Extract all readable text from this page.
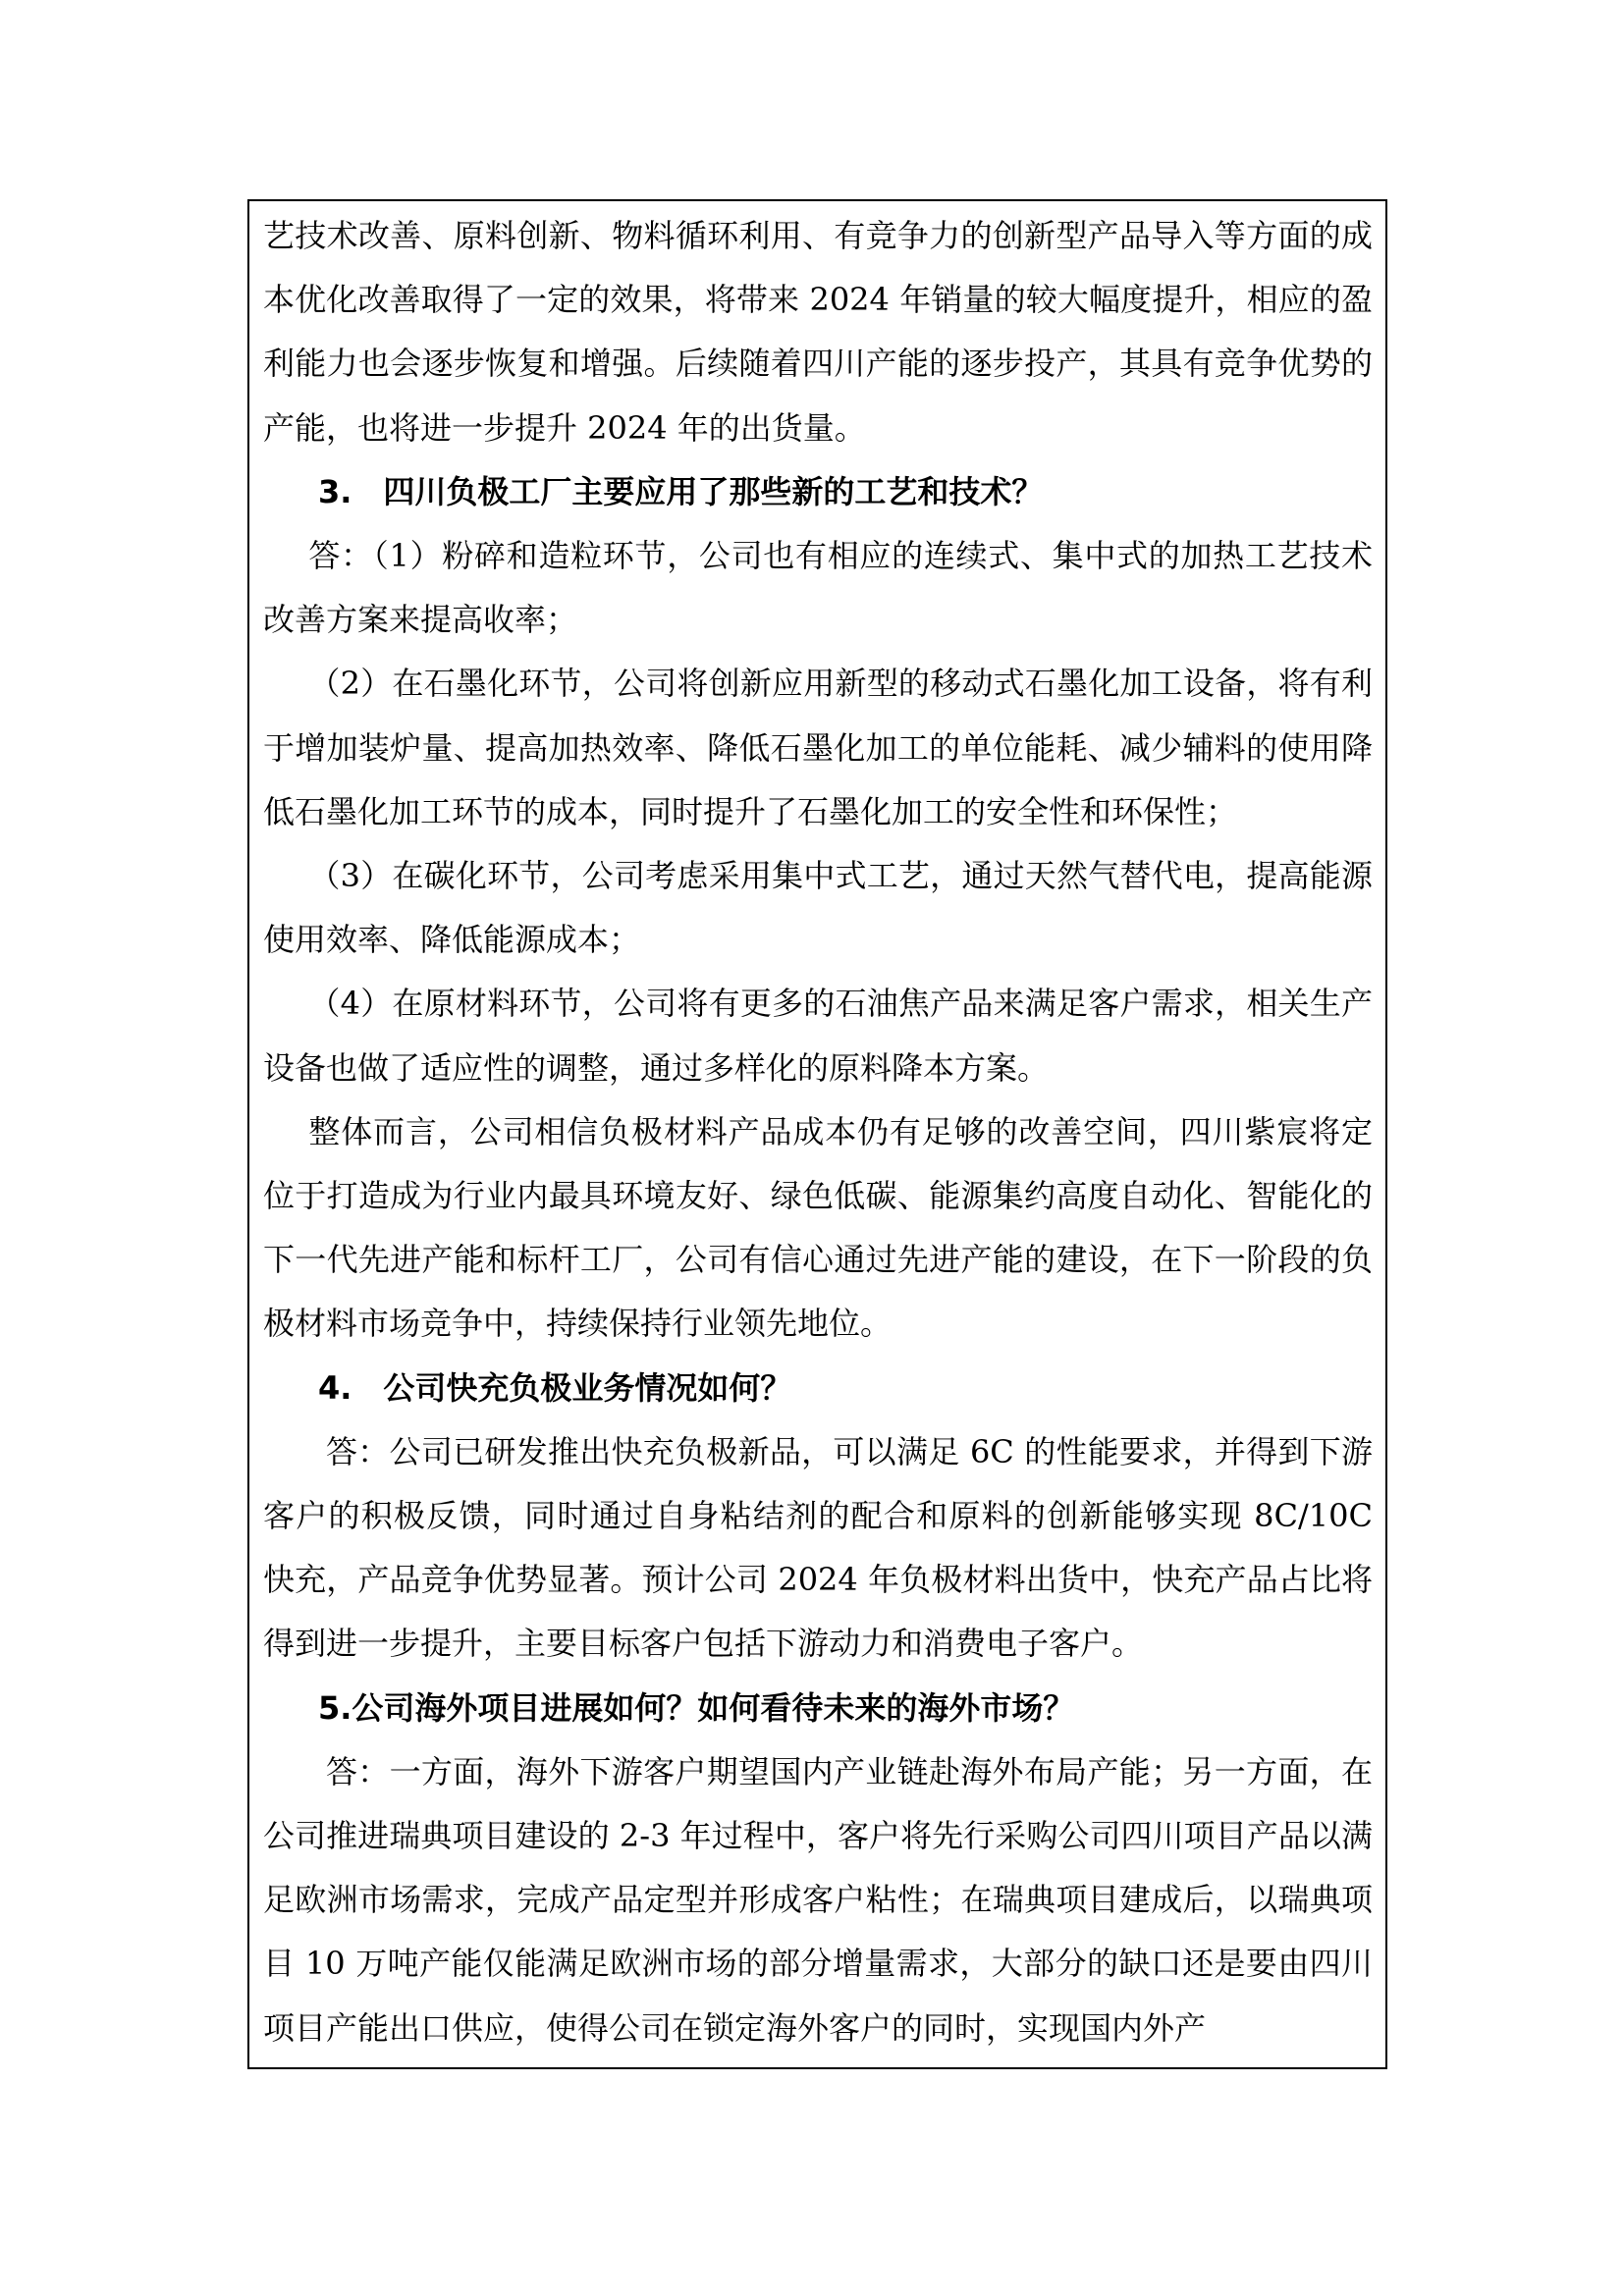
艺技术改善、原料创新、物料循环利用、有竞争力的创新型产品导入等方面的成本优化改善取得了一定的效果，将带来 2024 年销量的较大幅度提升，相应的盈利能力也会逐步恢复和增强。后续随着四川产能的逐步投产，其具有竞争优势的产能，也将进一步提升 2024 年的出货量。

3.　四川负极工厂主要应用了那些新的工艺和技术？

答：（1）粉碎和造粒环节，公司也有相应的连续式、集中式的加热工艺技术改善方案来提高收率；

（2）在石墨化环节，公司将创新应用新型的移动式石墨化加工设备，将有利于增加装炉量、提高加热效率、降低石墨化加工的单位能耗、减少辅料的使用降低石墨化加工环节的成本，同时提升了石墨化加工的安全性和环保性；

（3）在碳化环节，公司考虑采用集中式工艺，通过天然气替代电，提高能源使用效率、降低能源成本；

（4）在原材料环节，公司将有更多的石油焦产品来满足客户需求，相关生产设备也做了适应性的调整，通过多样化的原料降本方案。

整体而言，公司相信负极材料产品成本仍有足够的改善空间，四川紫宸将定位于打造成为行业内最具环境友好、绿色低碳、能源集约高度自动化、智能化的下一代先进产能和标杆工厂，公司有信心通过先进产能的建设，在下一阶段的负极材料市场竞争中，持续保持行业领先地位。

4.　公司快充负极业务情况如何？

答：公司已研发推出快充负极新品，可以满足 6C 的性能要求，并得到下游客户的积极反馈，同时通过自身粘结剂的配合和原料的创新能够实现 8C/10C 快充，产品竞争优势显著。预计公司 2024 年负极材料出货中，快充产品占比将得到进一步提升，主要目标客户包括下游动力和消费电子客户。

5.公司海外项目进展如何？如何看待未来的海外市场？

答：一方面，海外下游客户期望国内产业链赴海外布局产能；另一方面，在公司推进瑞典项目建设的 2-3 年过程中，客户将先行采购公司四川项目产品以满足欧洲市场需求，完成产品定型并形成客户粘性；在瑞典项目建成后，以瑞典项目 10 万吨产能仅能满足欧洲市场的部分增量需求，大部分的缺口还是要由四川项目产能出口供应，使得公司在锁定海外客户的同时，实现国内外产
